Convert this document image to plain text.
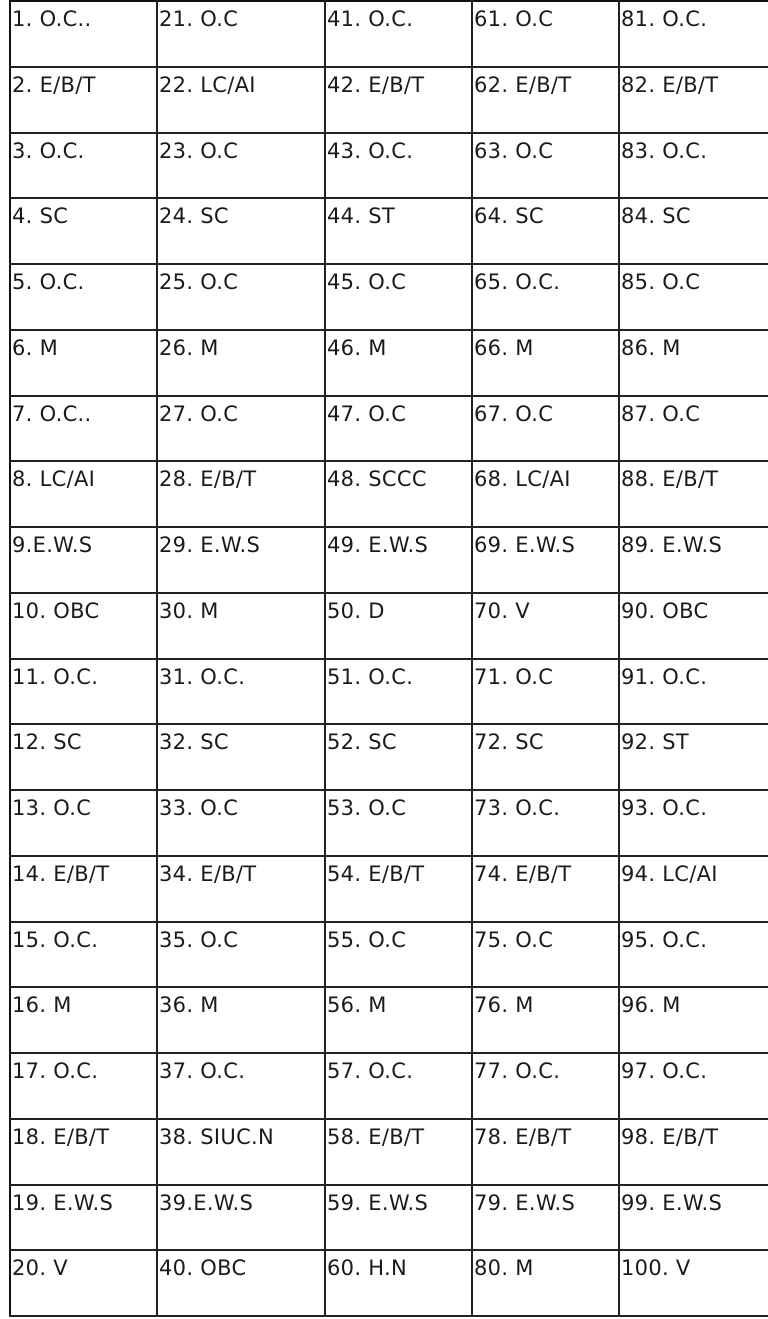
1. O.C..	21. O.C	41. O.C.	61. O.C	81. O.C.
2. E/B/T	22. LC/AI	42. E/B/T	62. E/B/T	82. E/B/T
3. O.C.	23. O.C	43. O.C.	63. O.C	83. O.C.
4. SC	24. SC	44. ST	64. SC	84. SC
5. O.C.	25. O.C	45. O.C	65. O.C.	85. O.C
6. M	26. M	46. M	66. M	86. M
7. O.C..	27. O.C	47. O.C	67. O.C	87. O.C
8. LC/AI	28. E/B/T	48. SCCC	68. LC/AI	88. E/B/T
9.E.W.S	29. E.W.S	49. E.W.S	69. E.W.S	89. E.W.S
10. OBC	30. M	50. D	70. V	90. OBC
11. O.C.	31. O.C.	51. O.C.	71. O.C	91. O.C.
12. SC	32. SC	52. SC	72. SC	92. ST
13. O.C	33. O.C	53. O.C	73. O.C.	93. O.C.
14. E/B/T	34. E/B/T	54. E/B/T	74. E/B/T	94. LC/AI
15. O.C.	35. O.C	55. O.C	75. O.C	95. O.C.
16. M	36. M	56. M	76. M	96. M
17. O.C.	37. O.C.	57. O.C.	77. O.C.	97. O.C.
18. E/B/T	38. SIUC.N	58. E/B/T	78. E/B/T	98. E/B/T
19. E.W.S	39.E.W.S	59. E.W.S	79. E.W.S	99. E.W.S
20. V	40. OBC	60. H.N	80. M	100. V
